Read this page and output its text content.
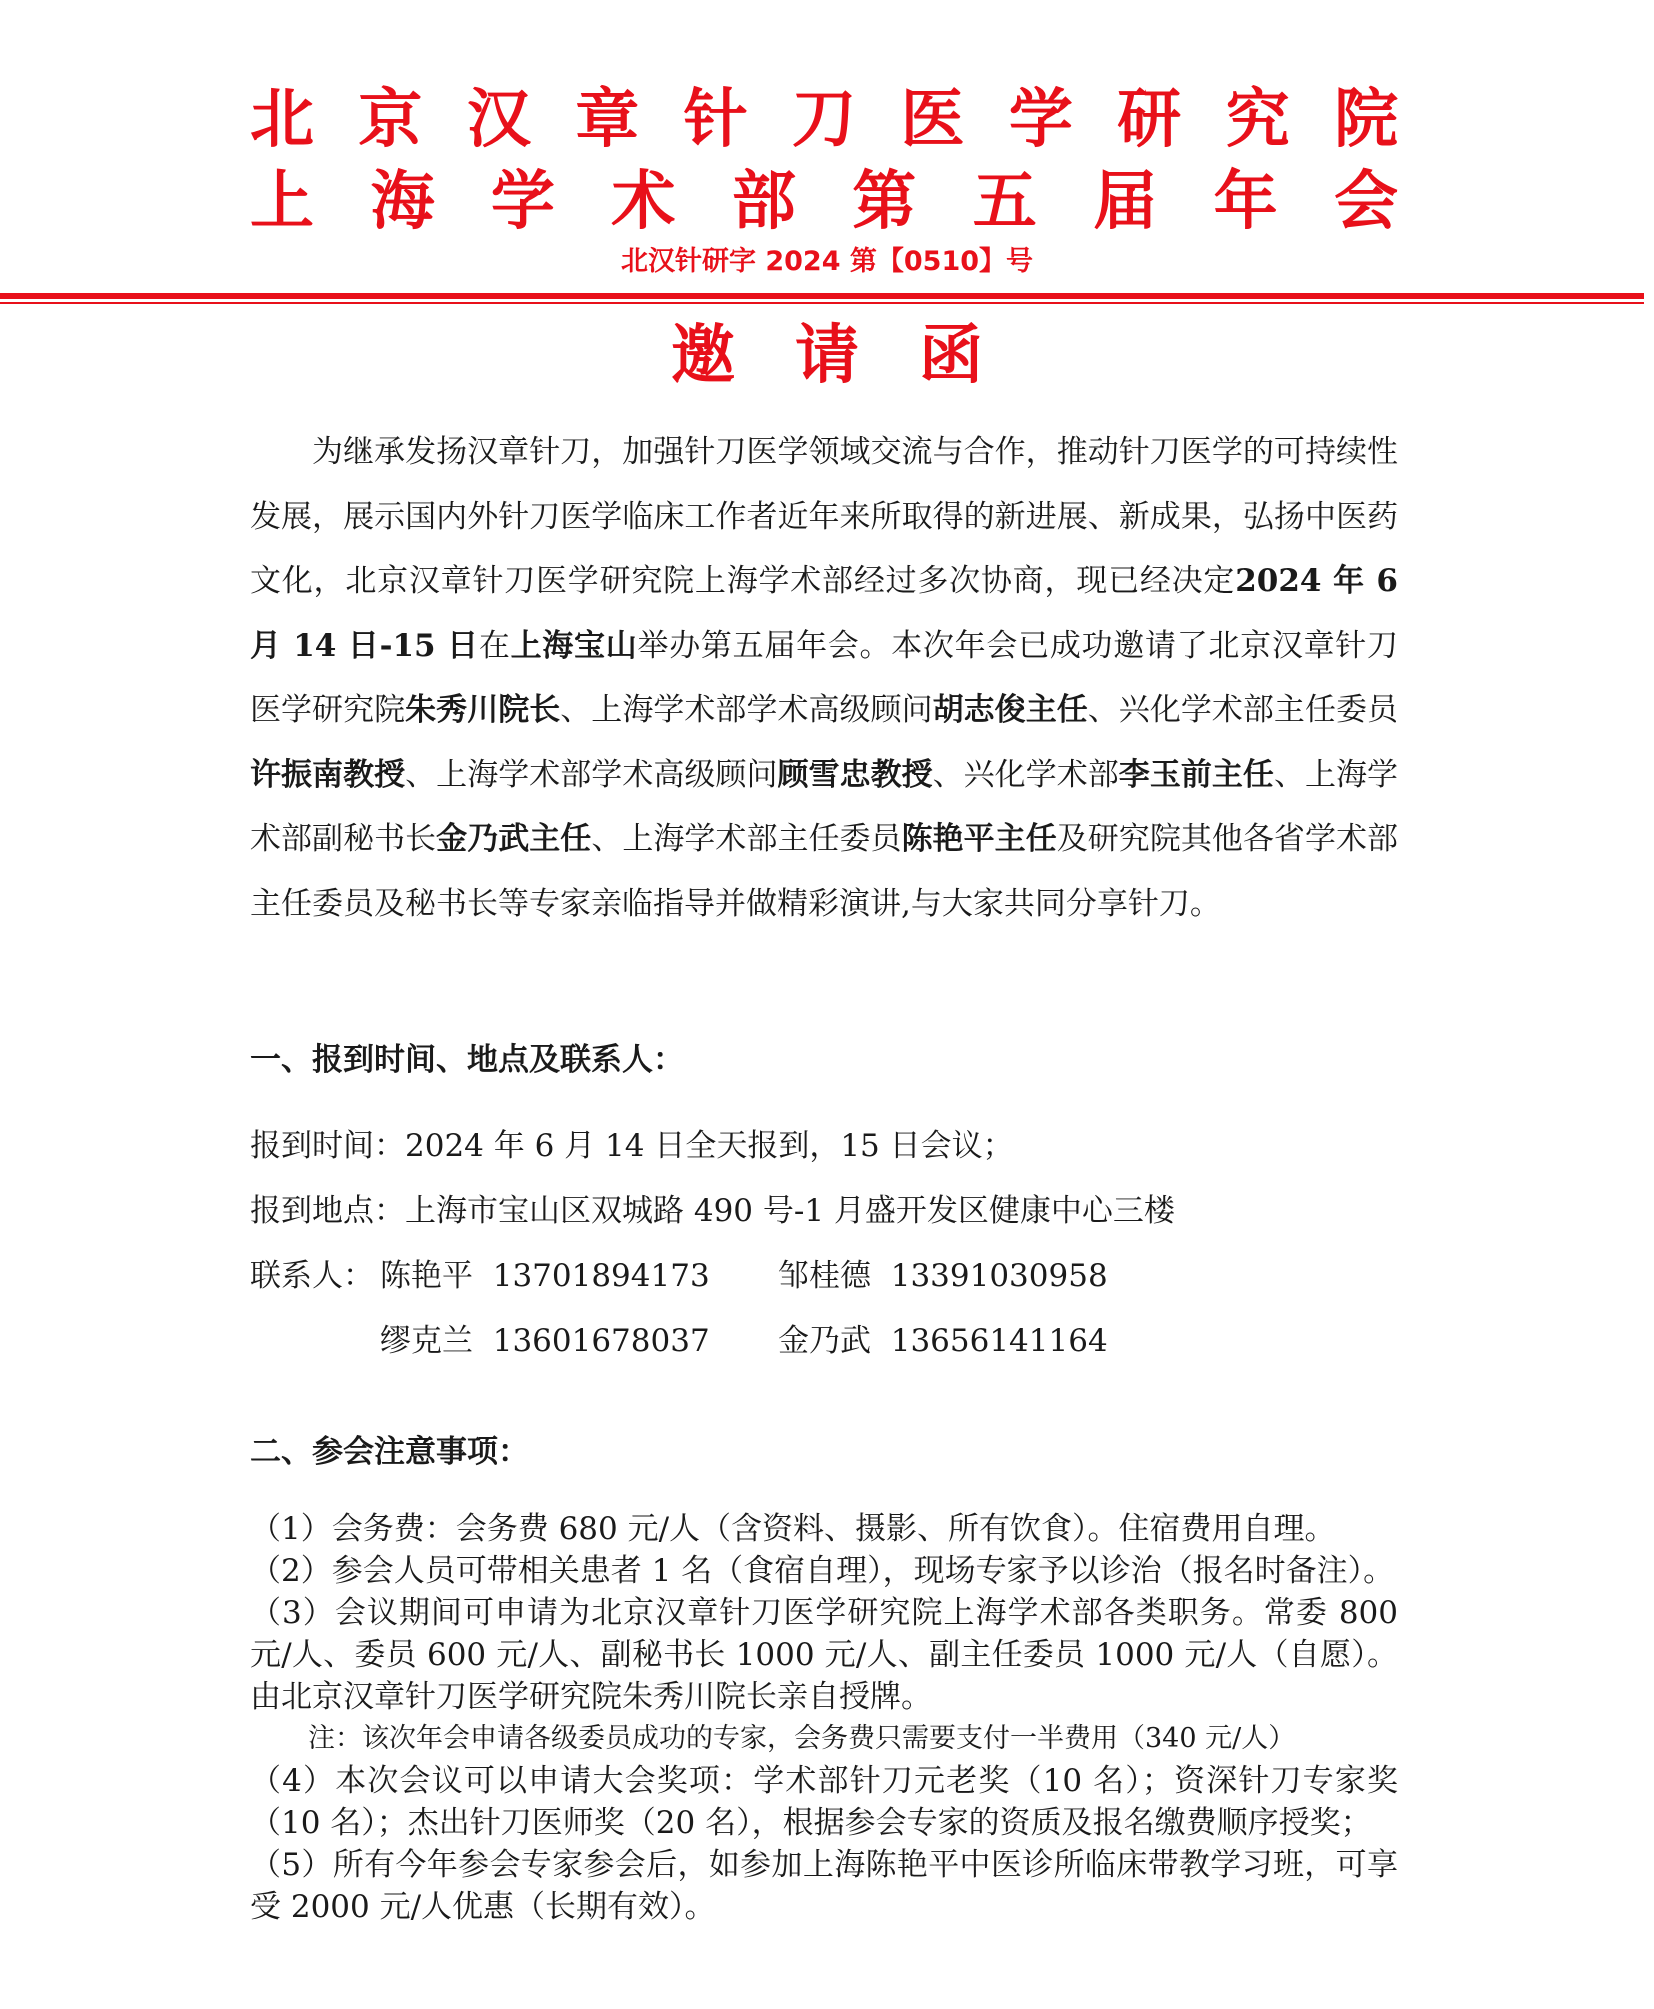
北 京 汉 章 针 刀 医 学 研 究 院
上 海 学 术 部 第 五 届 年 会
北汉针研字 2024 第【0510】号
邀请函

为继承发扬汉章针刀，加强针刀医学领域交流与合作，推动针刀医学的可持续性发展，展示国内外针刀医学临床工作者近年来所取得的新进展、新成果，弘扬中医药文化，北京汉章针刀医学研究院上海学术部经过多次协商，现已经决定2024 年 6 月 14 日-15 日在上海宝山举办第五届年会。本次年会已成功邀请了北京汉章针刀医学研究院朱秀川院长、上海学术部学术高级顾问胡志俊主任、兴化学术部主任委员许振南教授、上海学术部学术高级顾问顾雪忠教授、兴化学术部李玉前主任、上海学术部副秘书长金乃武主任、上海学术部主任委员陈艳平主任及研究院其他各省学术部主任委员及秘书长等专家亲临指导并做精彩演讲,与大家共同分享针刀。

一、报到时间、地点及联系人：
报到时间：2024 年 6 月 14 日全天报到，15 日会议；
报到地点：上海市宝山区双城路 490 号-1 月盛开发区健康中心三楼
联系人： 陈艳平 13701894173 邹桂德 13391030958
缪克兰 13601678037 金乃武 13656141164
二、参会注意事项：

（1）会务费：会务费 680 元/人（含资料、摄影、所有饮食）。住宿费用自理。

（2）参会人员可带相关患者 1 名（食宿自理），现场专家予以诊治（报名时备注）。

（3）会议期间可申请为北京汉章针刀医学研究院上海学术部各类职务。常委 800 元/人、委员 600 元/人、副秘书长 1000 元/人、副主任委员 1000 元/人（自愿）。由北京汉章针刀医学研究院朱秀川院长亲自授牌。

注：该次年会申请各级委员成功的专家，会务费只需要支付一半费用（340 元/人）

（4）本次会议可以申请大会奖项：学术部针刀元老奖（10 名）；资深针刀专家奖（10 名）；杰出针刀医师奖（20 名），根据参会专家的资质及报名缴费顺序授奖；

（5）所有今年参会专家参会后，如参加上海陈艳平中医诊所临床带教学习班，可享受 2000 元/人优惠（长期有效）。
